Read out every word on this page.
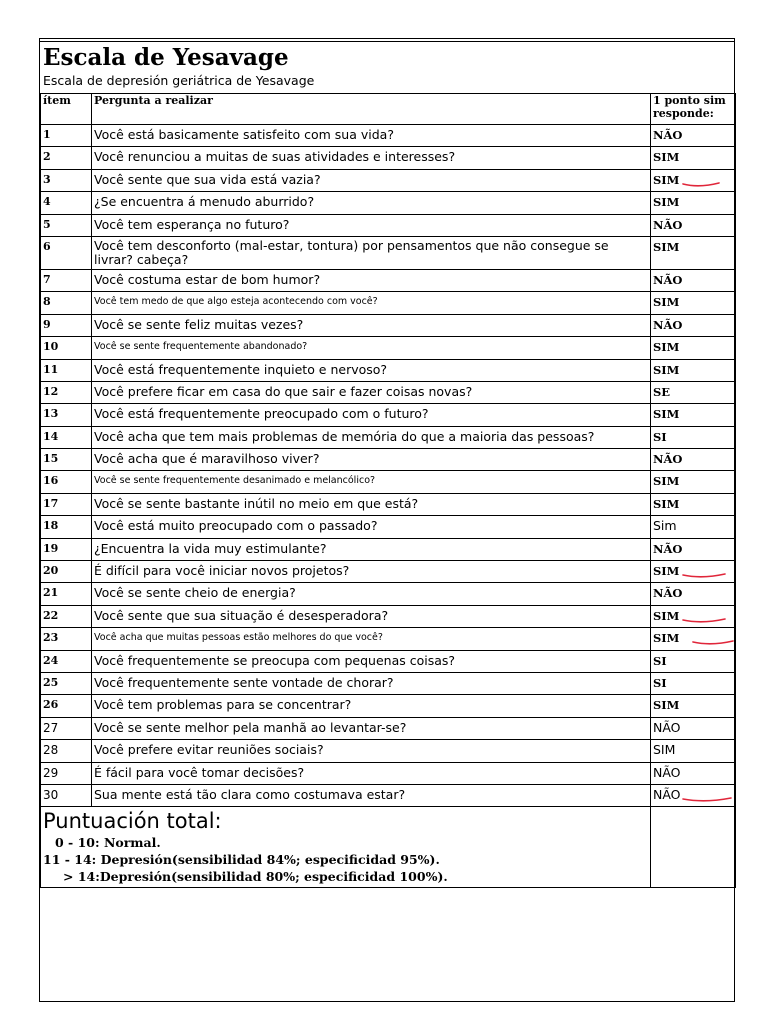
Escala de Yesavage
Escala de depresión geriátrica de Yesavage
ítem	Pergunta a realizar	1 ponto sim
responde:

1	Você está basicamente satisfeito com sua vida?	NÃO
2	Você renunciou a muitas de suas atividades e interesses?	SIM
3	Você sente que sua vida está vazia?	SIM

4	¿Se encuentra á menudo aburrido?	SIM
5	Você tem esperança no futuro?	NÃO
6	Você tem desconforto (mal-estar, tontura) por pensamentos que não consegue se livrar? cabeça?	SIM
7	Você costuma estar de bom humor?	NÃO
8	Você tem medo de que algo esteja acontecendo com você?	SIM
9	Você se sente feliz muitas vezes?	NÃO
10	Você se sente frequentemente abandonado?	SIM
11	Você está frequentemente inquieto e nervoso?	SIM
12	Você prefere ficar em casa do que sair e fazer coisas novas?	SE
13	Você está frequentemente preocupado com o futuro?	SIM
14	Você acha que tem mais problemas de memória do que a maioria das pessoas?	SI
15	Você acha que é maravilhoso viver?	NÃO
16	Você se sente frequentemente desanimado e melancólico?	SIM
17	Você se sente bastante inútil no meio em que está?	SIM
18	Você está muito preocupado com o passado?	Sim
19	¿Encuentra la vida muy estimulante?	NÃO
20	É difícil para você iniciar novos projetos?	SIM

21	Você se sente cheio de energia?	NÃO
22	Você sente que sua situação é desesperadora?	SIM

23	Você acha que muitas pessoas estão melhores do que você?	SIM

24	Você frequentemente se preocupa com pequenas coisas?	SI
25	Você frequentemente sente vontade de chorar?	SI
26	Você tem problemas para se concentrar?	SIM
27	Você se sente melhor pela manhã ao levantar-se?	NÃO
28	Você prefere evitar reuniões sociais?	SIM
29	É fácil para você tomar decisões?	NÃO
30	Sua mente está tão clara como costumava estar?	NÃO

Puntuación total:
0 - 10: Normal.
11 - 14: Depresión(sensibilidad 84%; especificidad 95%).
> 14:Depresión(sensibilidad 80%; especificidad 100%).		
